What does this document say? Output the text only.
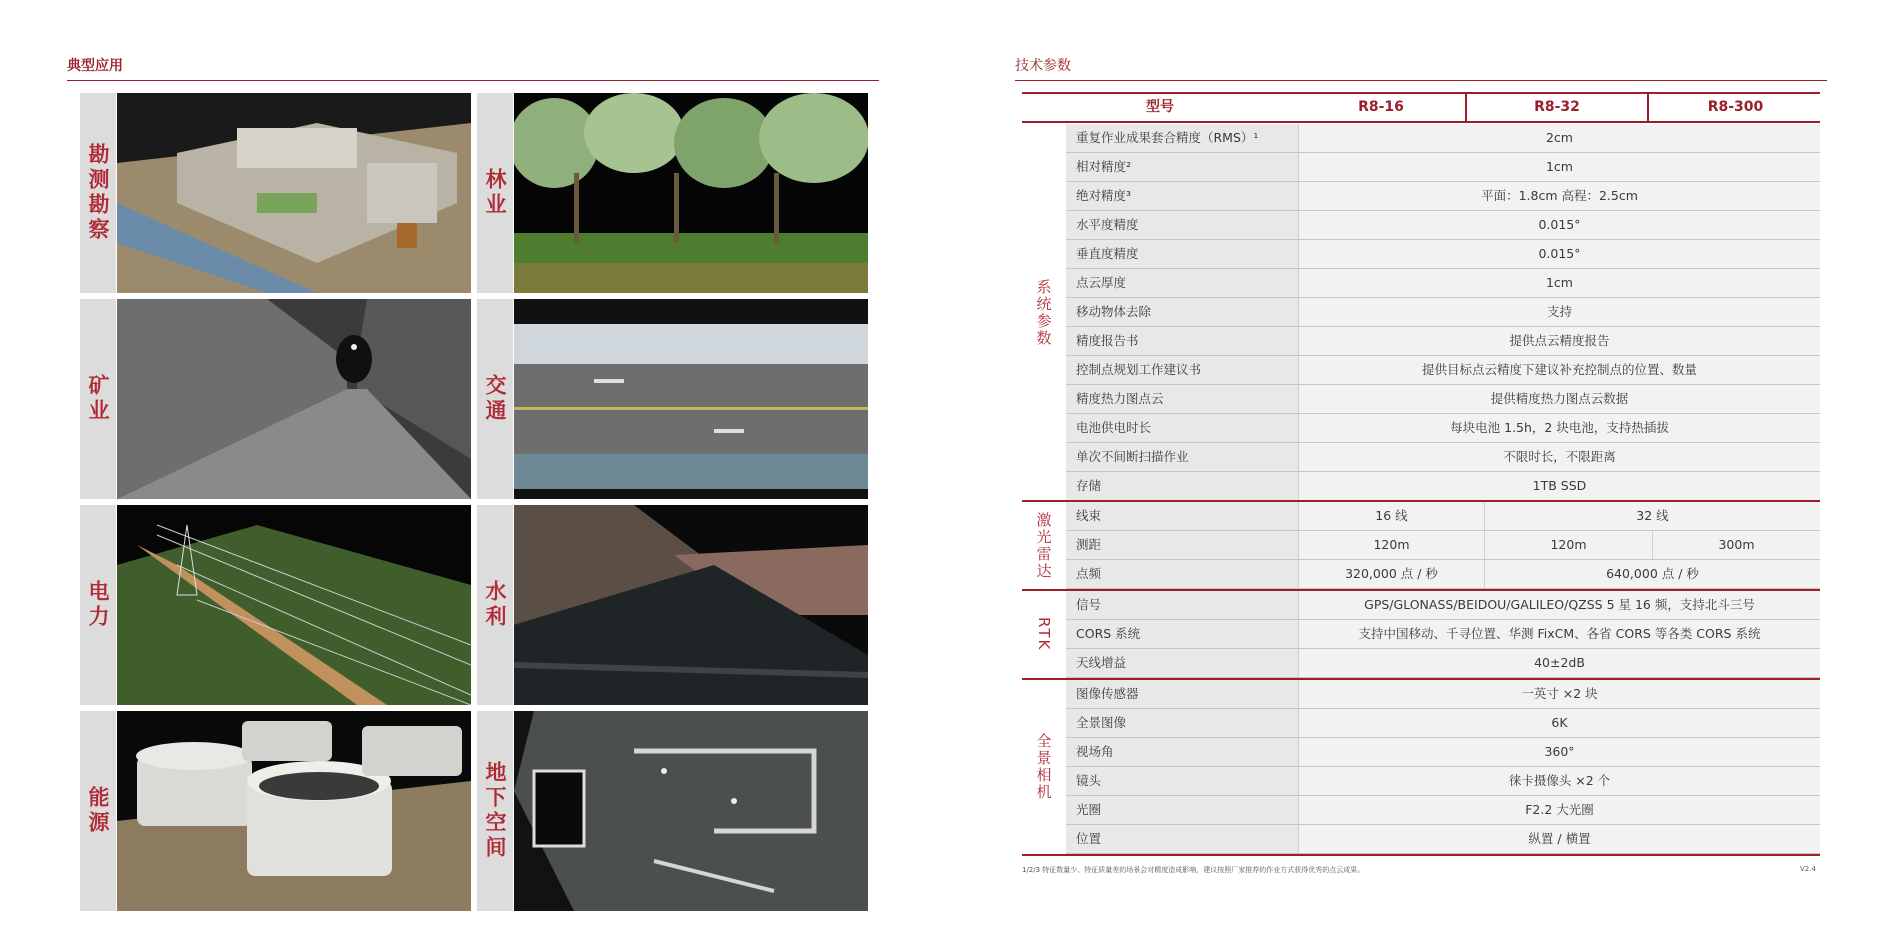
典型应用
勘测勘察	林业
矿业	交通
电力	水利
能源	地下空间
技术参数
型号	R8-16	R8-32	R8-300
系统参数
重复作业成果套合精度（RMS）¹	2cm
相对精度²	1cm
绝对精度³	平面：1.8cm 高程：2.5cm
水平度精度	0.015°
垂直度精度	0.015°
点云厚度	1cm
移动物体去除	支持
精度报告书	提供点云精度报告
控制点规划工作建议书	提供目标点云精度下建议补充控制点的位置、数量
精度热力图点云	提供精度热力图点云数据
电池供电时长	每块电池 1.5h，2 块电池，支持热插拔
单次不间断扫描作业	不限时长，不限距离
存储	1TB SSD
激光雷达	线束	16 线	32 线
测距	120m	120m	300m
点频	320,000 点 / 秒	640,000 点 / 秒
RTK
信号	GPS/GLONASS/BEIDOU/GALILEO/QZSS 5 星 16 频，支持北斗三号
CORS 系统	支持中国移动、千寻位置、华测 FixCM、各省 CORS 等各类 CORS 系统
天线增益	40±2dB
全景相机
图像传感器	一英寸 ×2 块
全景图像	6K
视场角	360°
镜头	徕卡摄像头 ×2 个
光圈	F2.2 大光圈
位置	纵置 / 横置
1/2/3 特征数量少、特征质量差的场景会对精度造成影响，建议按照厂家推荐的作业方式获得优秀的点云成果。	V2.4
